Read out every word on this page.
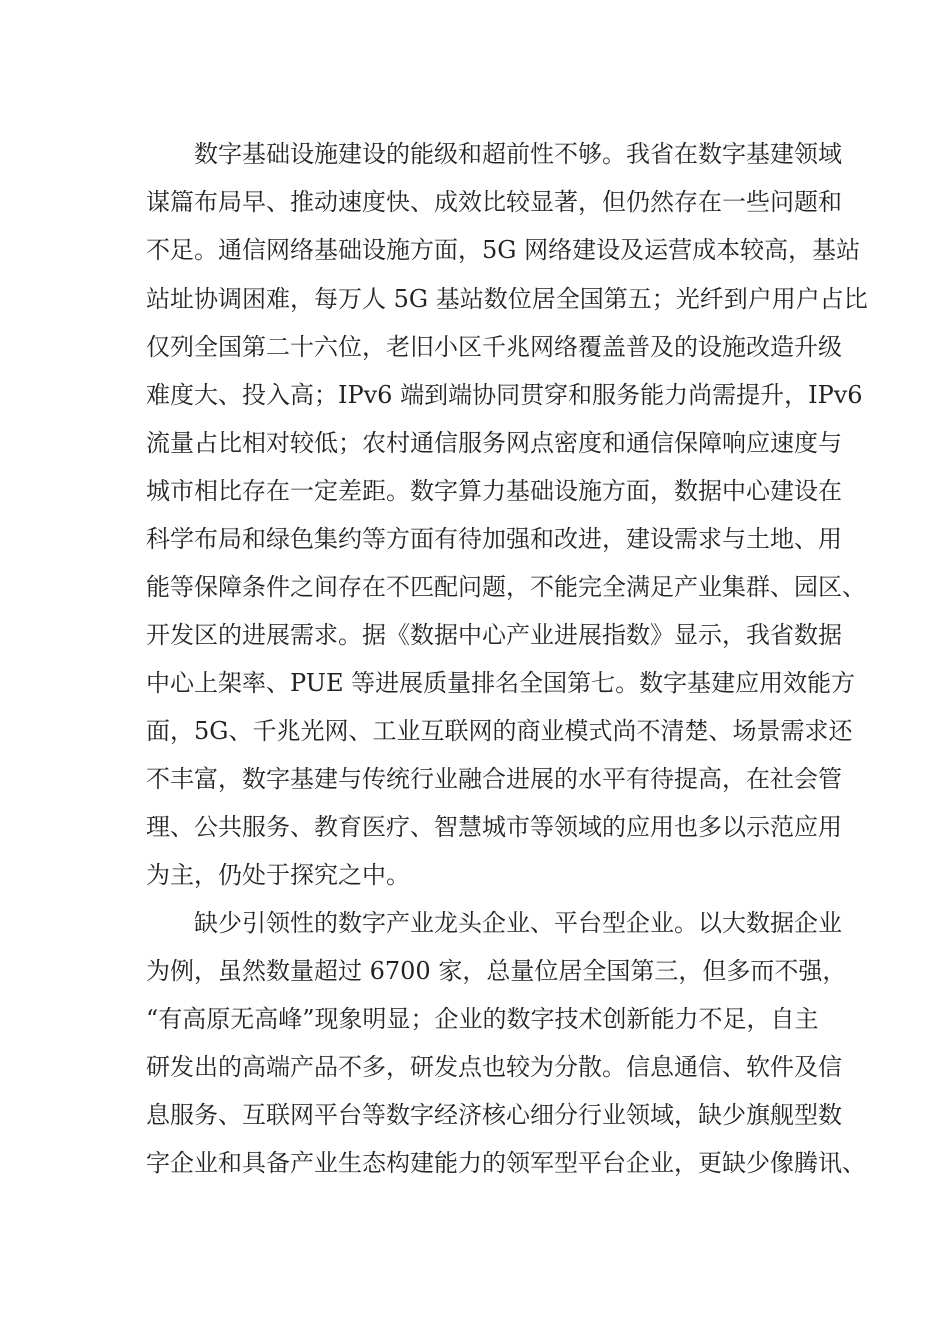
数字基础设施建设的能级和超前性不够。我省在数字基建领域
谋篇布局早、推动速度快、成效比较显著，但仍然存在一些问题和
不足。通信网络基础设施方面，5G 网络建设及运营成本较高，基站
站址协调困难，每万人 5G 基站数位居全国第五；光纤到户用户占比
仅列全国第二十六位，老旧小区千兆网络覆盖普及的设施改造升级
难度大、投入高；IPv6 端到端协同贯穿和服务能力尚需提升，IPv6
流量占比相对较低；农村通信服务网点密度和通信保障响应速度与
城市相比存在一定差距。数字算力基础设施方面，数据中心建设在
科学布局和绿色集约等方面有待加强和改进，建设需求与土地、用
能等保障条件之间存在不匹配问题，不能完全满足产业集群、园区、
开发区的进展需求。据《数据中心产业进展指数》显示，我省数据
中心上架率、PUE 等进展质量排名全国第七。数字基建应用效能方
面，5G、千兆光网、工业互联网的商业模式尚不清楚、场景需求还
不丰富，数字基建与传统行业融合进展的水平有待提高，在社会管
理、公共服务、教育医疗、智慧城市等领域的应用也多以示范应用
为主，仍处于探究之中。
缺少引领性的数字产业龙头企业、平台型企业。以大数据企业
为例，虽然数量超过 6700 家，总量位居全国第三，但多而不强，
“有高原无高峰”现象明显；企业的数字技术创新能力不足，自主
研发出的高端产品不多，研发点也较为分散。信息通信、软件及信
息服务、互联网平台等数字经济核心细分行业领域，缺少旗舰型数
字企业和具备产业生态构建能力的领军型平台企业，更缺少像腾讯、
